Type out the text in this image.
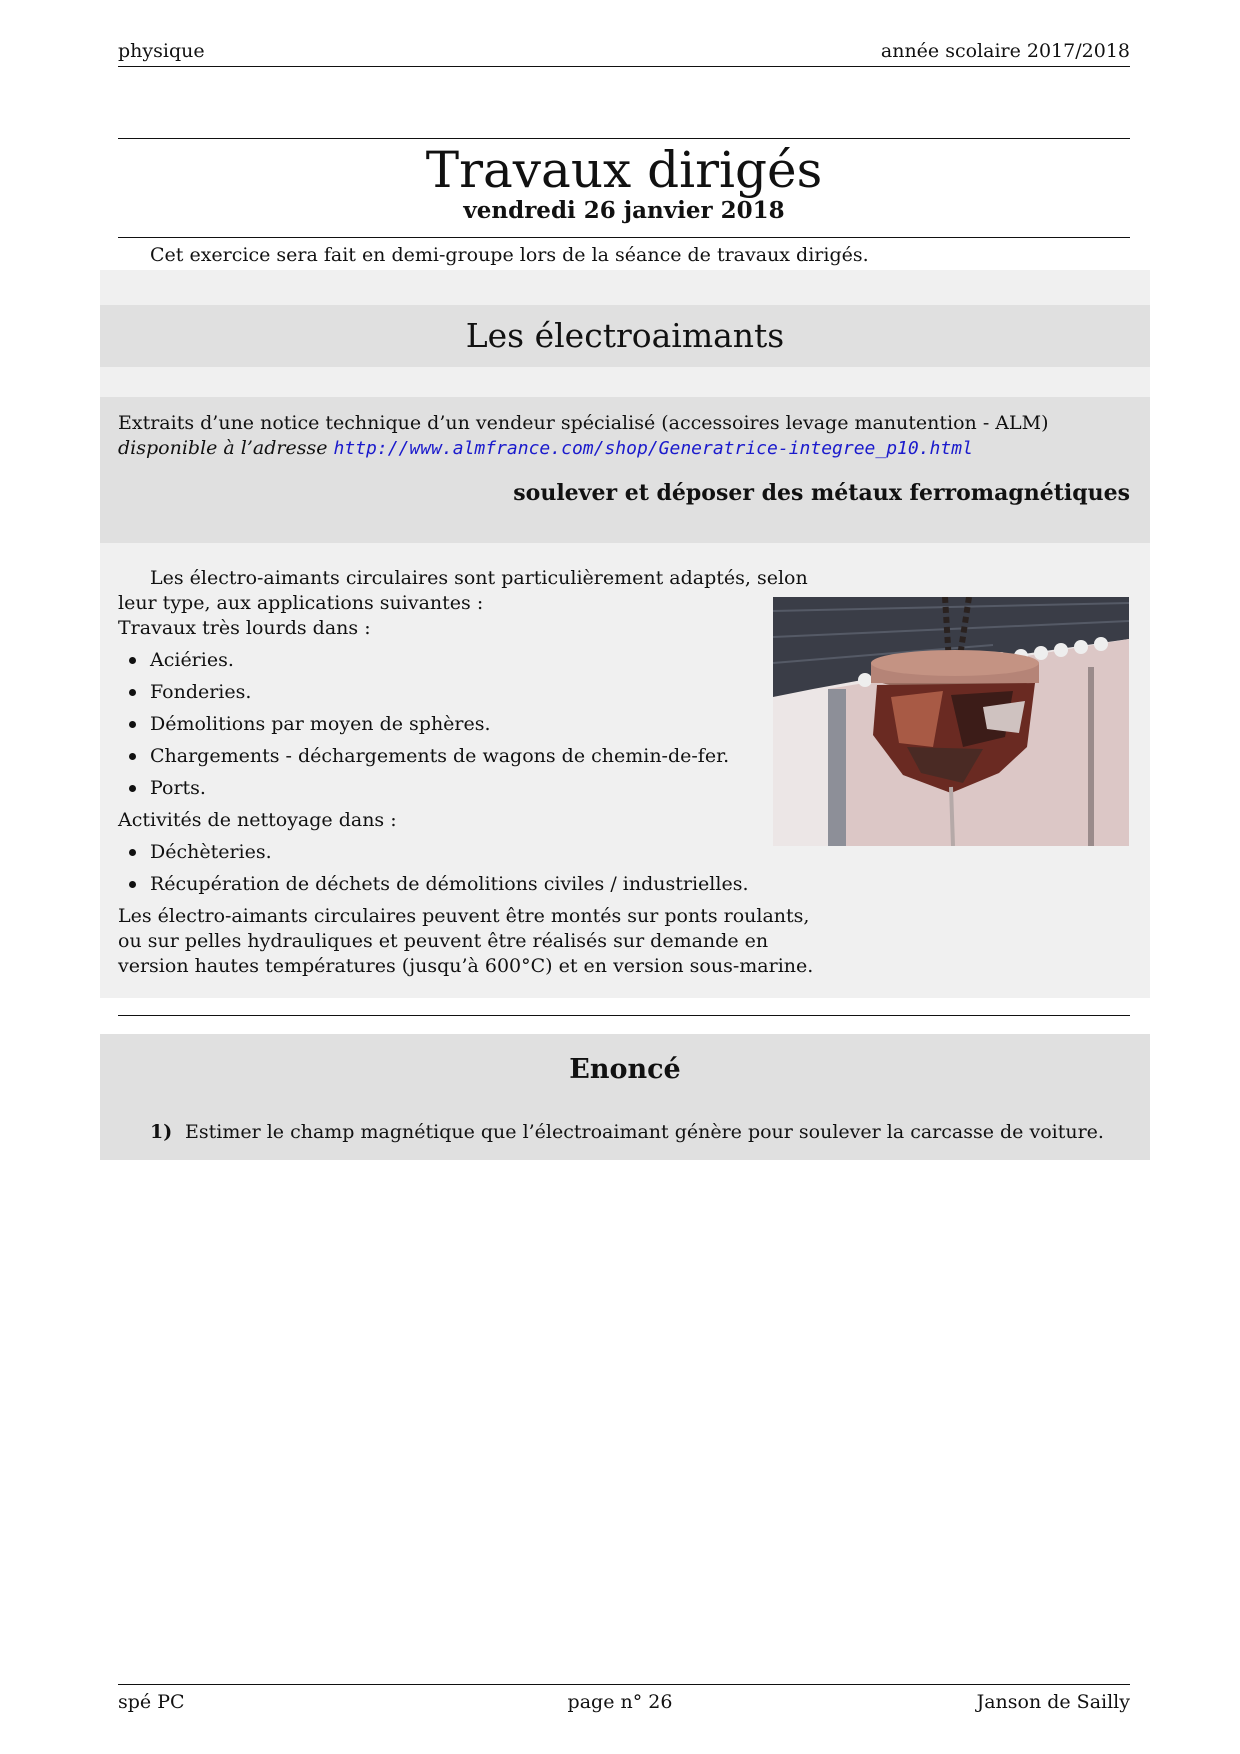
physique	année scolaire 2017/2018
Travaux dirigés
vendredi 26 janvier 2018
Cet exercice sera fait en demi-groupe lors de la séance de travaux dirigés.
Les électroaimants
Extraits d’une notice technique d’un vendeur spécialisé (accessoires levage manutention - ALM)
disponible à l’adresse http://www.almfrance.com/shop/Generatrice-integree_p10.html
soulever et déposer des métaux ferromagnétiques
Les électro-aimants circulaires sont particulièrement adaptés, selon
leur type, aux applications suivantes :
Travaux très lourds dans :
Aciéries.
Fonderies.
Démolitions par moyen de sphères.
Chargements - déchargements de wagons de chemin-de-fer.
Ports.
Activités de nettoyage dans :
Déchèteries.
Récupération de déchets de démolitions civiles / industrielles.
Les électro-aimants circulaires peuvent être montés sur ponts roulants,
ou sur pelles hydrauliques et peuvent être réalisés sur demande en
version hautes températures (jusqu’à 600°C) et en version sous-marine.
Enoncé
1) Estimer le champ magnétique que l’électroaimant génère pour soulever la carcasse de voiture.
spé PC	page n° 26	Janson de Sailly
